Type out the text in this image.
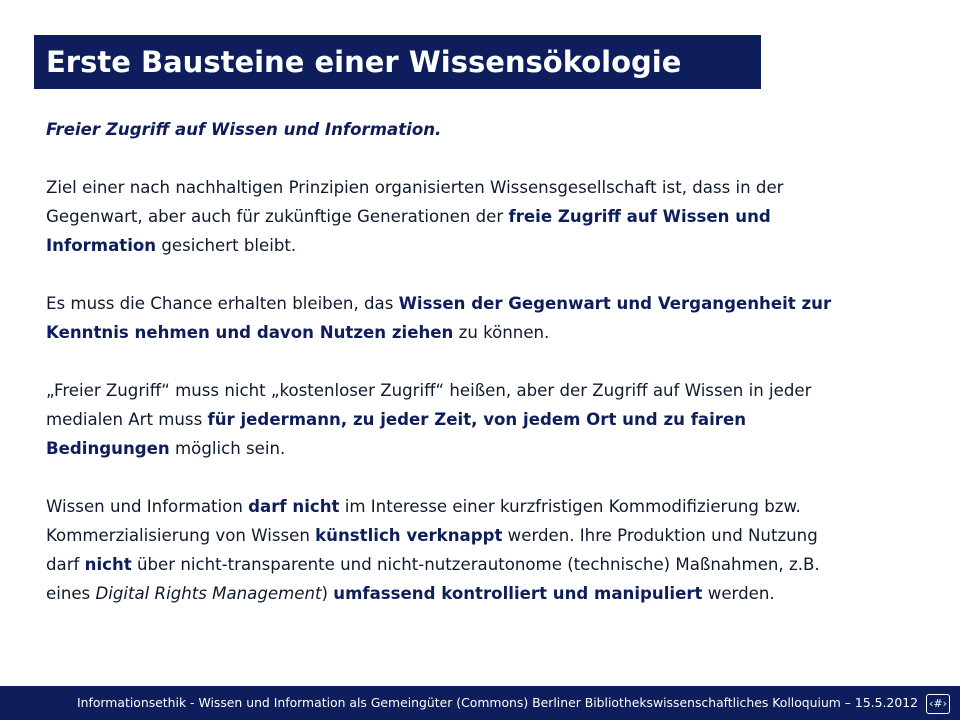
Erste Bausteine einer Wissensökologie

Freier Zugriff auf Wissen und Information.

Ziel einer nach nachhaltigen Prinzipien organisierten Wissensgesellschaft ist, dass in der Gegenwart, aber auch für zukünftige Generationen der freie Zugriff auf Wissen und Information gesichert bleibt.

Es muss die Chance erhalten bleiben, das Wissen der Gegenwart und Vergangenheit zur Kenntnis nehmen und davon Nutzen ziehen zu können.

„Freier Zugriff“ muss nicht „kostenloser Zugriff“ heißen, aber der Zugriff auf Wissen in jeder medialen Art muss für jedermann, zu jeder Zeit, von jedem Ort und zu fairen Bedingungen möglich sein.

Wissen und Information darf nicht im Interesse einer kurzfristigen Kommodifizierung bzw. Kommerzialisierung von Wissen künstlich verknappt werden. Ihre Produktion und Nutzung darf nicht über nicht-transparente und nicht-nutzerautonome (technische) Maßnahmen, z.B. eines Digital Rights Management) umfassend kontrolliert und manipuliert werden.

Informationsethik - Wissen und Information als Gemeingüter (Commons) Berliner Bibliothekswissenschaftliches Kolloquium – 15.5.2012 ‹#›
